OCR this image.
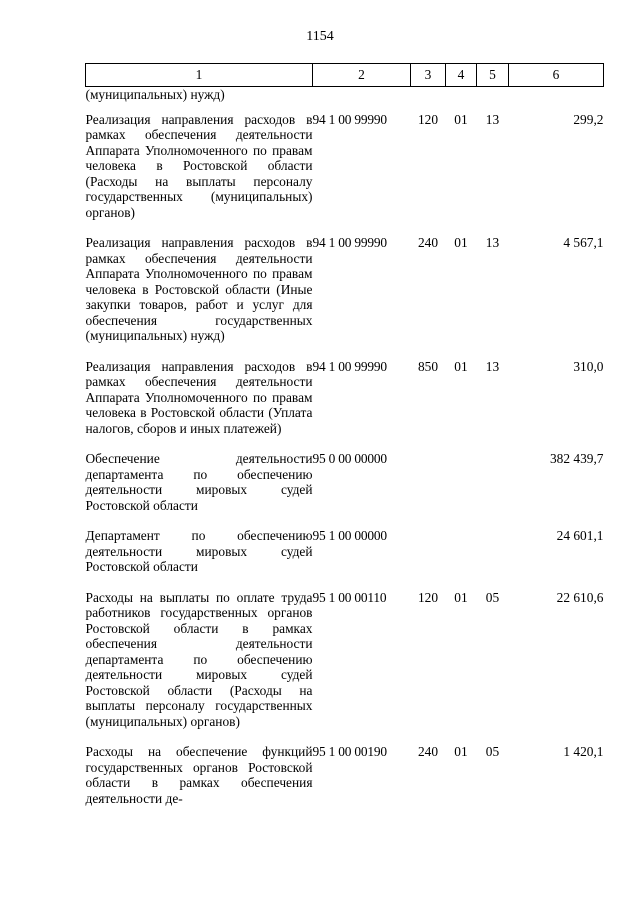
1154
1	2	3	4	5	6
(муниципальных) нужд)					
Реализация направления расходов в рамках обеспечения деятельности Аппарата Уполномоченного по правам человека в Ростовской области (Расходы на выплаты персоналу государственных (муниципальных) органов)	94 1 00 99990	120	01	13	299,2
Реализация направления расходов в рамках обеспечения деятельности Аппарата Уполномоченного по правам человека в Ростовской области (Иные закупки товаров, работ и услуг для обеспечения государственных (муниципальных) нужд)	94 1 00 99990	240	01	13	4 567,1
Реализация направления расходов в рамках обеспечения деятельности Аппарата Уполномоченного по правам человека в Ростовской области (Уплата налогов, сборов и иных платежей)	94 1 00 99990	850	01	13	310,0
Обеспечение деятельности департамента по обеспечению деятельности мировых судей Ростовской области	95 0 00 00000				382 439,7
Департамент по обеспечению деятельности мировых судей Ростовской области	95 1 00 00000				24 601,1
Расходы на выплаты по оплате труда работников государственных органов Ростовской области в рамках обеспечения деятельности департамента по обеспечению деятельности мировых судей Ростовской области (Расходы на выплаты персоналу государственных (муниципальных) органов)	95 1 00 00110	120	01	05	22 610,6
Расходы на обеспечение функций государственных органов Ростовской области в рамках обеспечения деятельности де-	95 1 00 00190	240	01	05	1 420,1
